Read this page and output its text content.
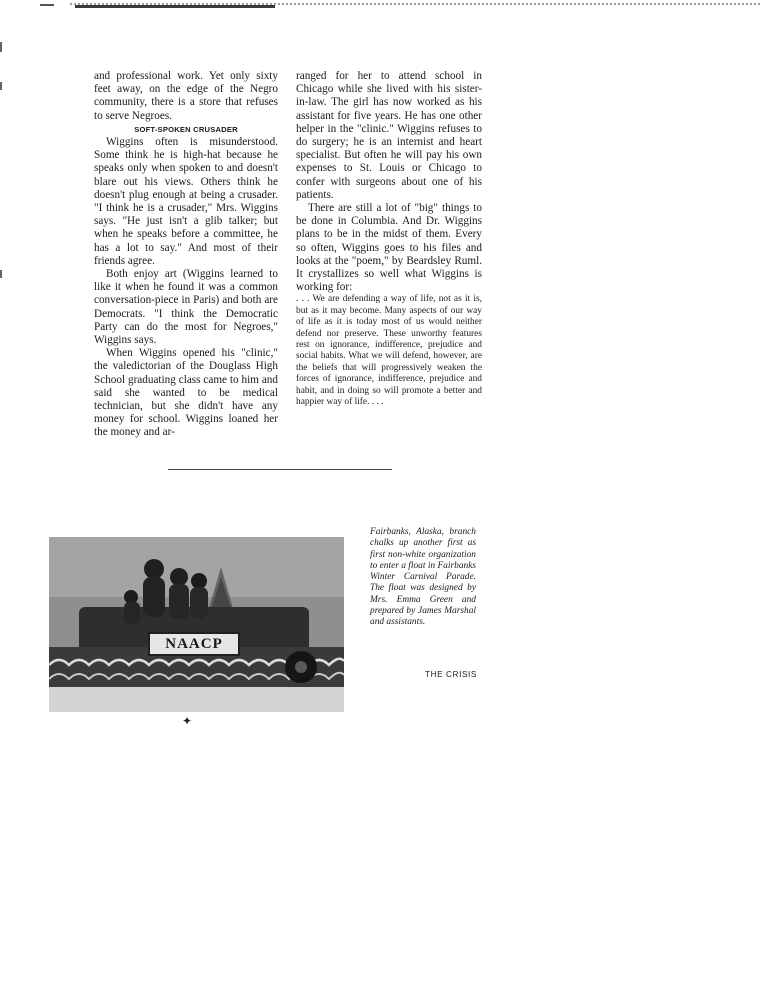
and professional work. Yet only sixty feet away, on the edge of the Negro community, there is a store that refuses to serve Negroes.

SOFT-SPOKEN CRUSADER

Wiggins often is misunderstood. Some think he is high-hat because he speaks only when spoken to and doesn't blare out his views. Others think he doesn't plug enough at being a crusader. "I think he is a crusader," Mrs. Wiggins says. "He just isn't a glib talker; but when he speaks before a committee, he has a lot to say." And most of their friends agree.

Both enjoy art (Wiggins learned to like it when he found it was a common conversation-piece in Paris) and both are Democrats. "I think the Democratic Party can do the most for Negroes," Wiggins says.

When Wiggins opened his "clinic," the valedictorian of the Douglass High School graduating class came to him and said she wanted to be medical technician, but she didn't have any money for school. Wiggins loaned her the money and ar-

ranged for her to attend school in Chicago while she lived with his sister-in-law. The girl has now worked as his assistant for five years. He has one other helper in the "clinic." Wiggins refuses to do surgery; he is an internist and heart specialist. But often he will pay his own expenses to St. Louis or Chicago to confer with surgeons about one of his patients.

There are still a lot of "big" things to be done in Columbia. And Dr. Wiggins plans to be in the midst of them. Every so often, Wiggins goes to his files and looks at the "poem," by Beardsley Ruml. It crystallizes so well what Wiggins is working for:

. . . We are defending a way of life, not as it is, but as it may become. Many aspects of our way of life as it is today most of us would neither defend nor preserve. These unworthy features rest on ignorance, indifference, prejudice and social habits. What we will defend, however, are the beliefs that will progressively weaken the forces of ignorance, indifference, prejudice and habit, and in doing so will promote a better and happier way of life. . . .

NAACP
✦
Fairbanks, Alaska, branch chalks up another first as first non-white organization to enter a float in Fairbanks Winter Carnival Parade. The float was designed by Mrs. Emma Green and prepared by James Marshal and assistants.
THE CRISIS
